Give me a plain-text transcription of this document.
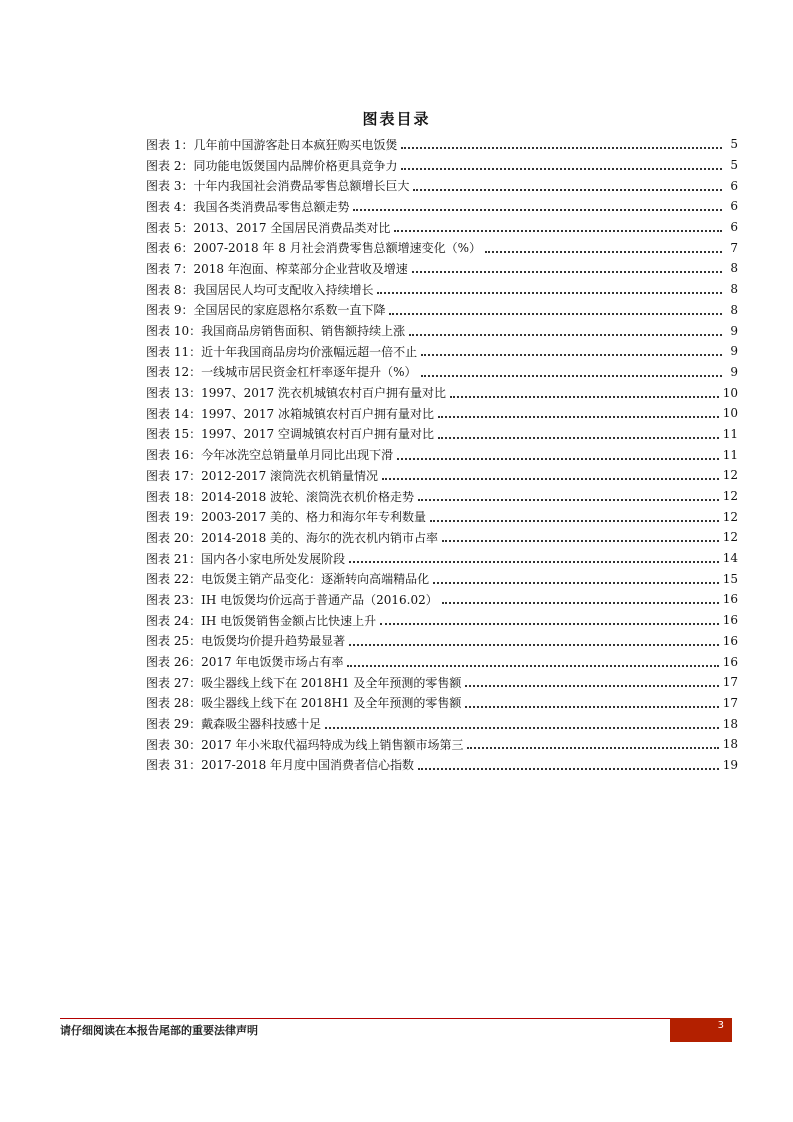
图表目录
图表 1： 几年前中国游客赴日本疯狂购买电饭煲	5
图表 2： 同功能电饭煲国内品牌价格更具竞争力	5
图表 3： 十年内我国社会消费品零售总额增长巨大	6
图表 4： 我国各类消费品零售总额走势	6
图表 5： 2013、2017 全国居民消费品类对比	6
图表 6： 2007-2018 年 8 月社会消费零售总额增速变化（%）	7
图表 7： 2018 年泡面、榨菜部分企业营收及增速	8
图表 8： 我国居民人均可支配收入持续增长	8
图表 9： 全国居民的家庭恩格尔系数一直下降	8
图表 10： 我国商品房销售面积、销售额持续上涨	9
图表 11： 近十年我国商品房均价涨幅远超一倍不止	9
图表 12： 一线城市居民资金杠杆率逐年提升（%）	9
图表 13： 1997、2017 洗衣机城镇农村百户拥有量对比	10
图表 14： 1997、2017 冰箱城镇农村百户拥有量对比	10
图表 15： 1997、2017 空调城镇农村百户拥有量对比	11
图表 16： 今年冰洗空总销量单月同比出现下滑	11
图表 17： 2012-2017 滚筒洗衣机销量情况	12
图表 18： 2014-2018 波轮、滚筒洗衣机价格走势	12
图表 19： 2003-2017 美的、格力和海尔年专利数量	12
图表 20： 2014-2018 美的、海尔的洗衣机内销市占率	12
图表 21： 国内各小家电所处发展阶段	14
图表 22： 电饭煲主销产品变化：逐渐转向高端精品化	15
图表 23： IH 电饭煲均价远高于普通产品（2016.02）	16
图表 24： IH 电饭煲销售金额占比快速上升	16
图表 25： 电饭煲均价提升趋势最显著	16
图表 26： 2017 年电饭煲市场占有率	16
图表 27： 吸尘器线上线下在 2018H1 及全年预测的零售额	17
图表 28： 吸尘器线上线下在 2018H1 及全年预测的零售额	17
图表 29： 戴森吸尘器科技感十足	18
图表 30： 2017 年小米取代福玛特成为线上销售额市场第三	18
图表 31： 2017-2018 年月度中国消费者信心指数	19
请仔细阅读在本报告尾部的重要法律声明	3
